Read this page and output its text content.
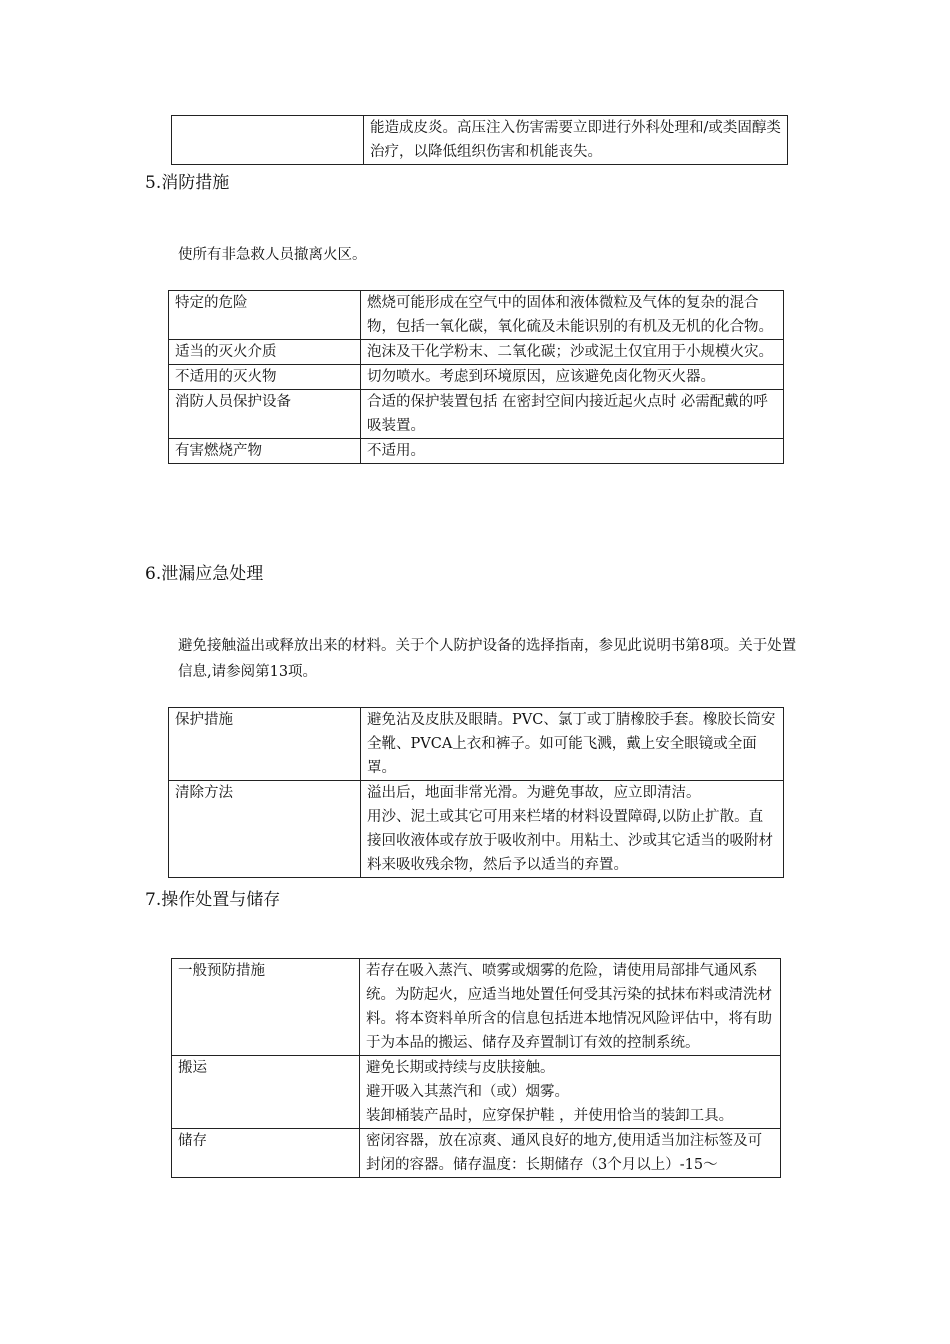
	能造成皮炎。高压注入伤害需要立即进行外科处理和/或类固醇类治疗，以降低组织伤害和机能丧失。
5.消防措施

使所有非急救人员撤离火区。

特定的危险	燃烧可能形成在空气中的固体和液体微粒及气体的复杂的混合物，包括一氧化碳，氧化硫及未能识别的有机及无机的化合物。
适当的灭火介质	泡沫及干化学粉末、二氧化碳；沙或泥土仅宜用于小规模火灾。
不适用的灭火物	切勿喷水。考虑到环境原因，应该避免卤化物灭火器。
消防人员保护设备	合适的保护装置包括 在密封空间内接近起火点时 必需配戴的呼吸装置。
有害燃烧产物	不适用。
6.泄漏应急处理

避免接触溢出或释放出来的材料。关于个人防护设备的选择指南，参见此说明书第8项。关于处置信息,请参阅第13项。

保护措施	避免沾及皮肤及眼睛。PVC、氯丁或丁腈橡胶手套。橡胶长筒安全靴、PVCA上衣和裤子。如可能飞溅，戴上安全眼镜或全面罩。
清除方法	溢出后，地面非常光滑。为避免事故，应立即清洁。
用沙、泥土或其它可用来栏堵的材料设置障碍,以防止扩散。直接回收液体或存放于吸收剂中。用粘土、沙或其它适当的吸附材料来吸收残余物，然后予以适当的弃置。
7.操作处置与储存
一般预防措施	若存在吸入蒸汽、喷雾或烟雾的危险，请使用局部排气通风系统。为防起火，应适当地处置任何受其污染的拭抹布料或清洗材料。将本资料单所含的信息包括进本地情况风险评估中，将有助于为本品的搬运、储存及弃置制订有效的控制系统。
搬运	避免长期或持续与皮肤接触。
避开吸入其蒸汽和（或）烟雾。
装卸桶装产品时，应穿保护鞋 ，并使用恰当的装卸工具。

储存	密闭容器，放在凉爽、通风良好的地方,使用适当加注标签及可封闭的容器。储存温度：长期储存（3个月以上）-15～
